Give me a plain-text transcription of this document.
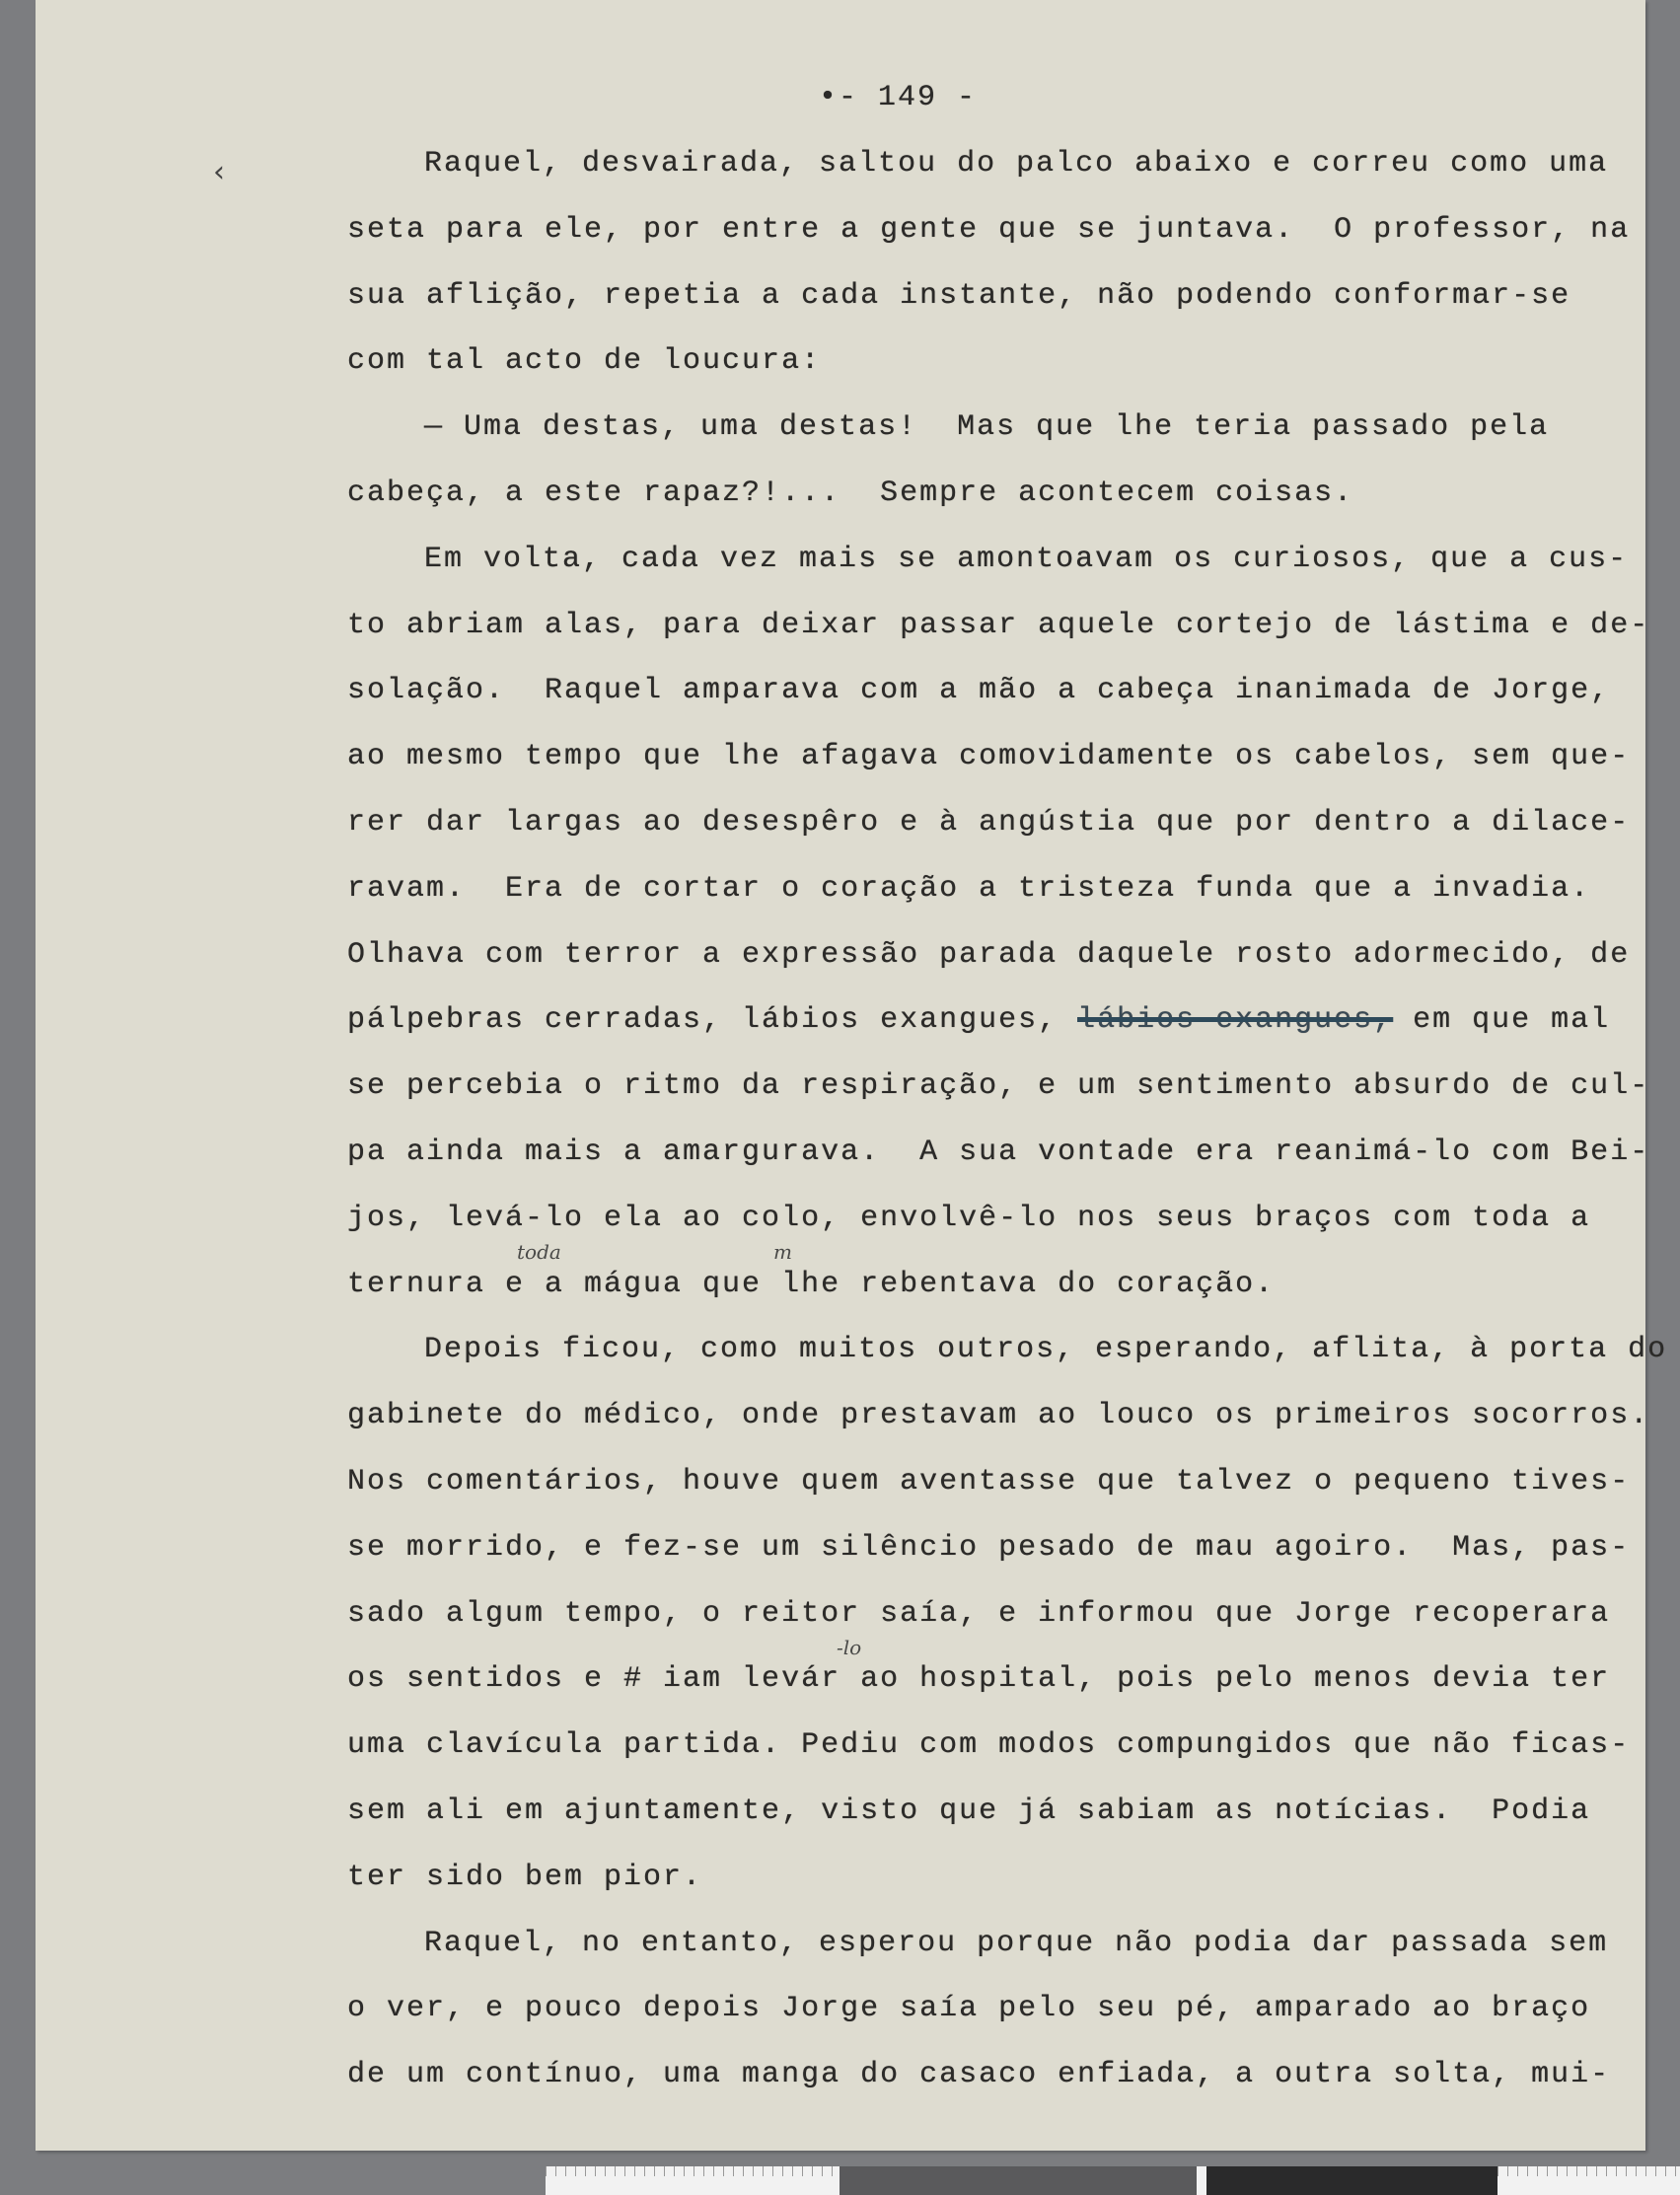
‹
•- 149 -
Raquel, desvairada, saltou do palco abaixo e correu como uma
seta para ele, por entre a gente que se juntava.  O professor, na
sua aflição, repetia a cada instante, não podendo conformar-se
com tal acto de loucura:
— Uma destas, uma destas!  Mas que lhe teria passado pela
cabeça, a este rapaz?!...  Sempre acontecem coisas.
Em volta, cada vez mais se amontoavam os curiosos, que a cus-
to abriam alas, para deixar passar aquele cortejo de lástima e de-
solação.  Raquel amparava com a mão a cabeça inanimada de Jorge,
ao mesmo tempo que lhe afagava comovidamente os cabelos, sem que-
rer dar largas ao desespêro e à angústia que por dentro a dilace-
ravam.  Era de cortar o coração a tristeza funda que a invadia.
Olhava com terror a expressão parada daquele rosto adormecido, de
pálpebras cerradas, lábios exangues, lábios exangues, em que mal
se percebia o ritmo da respiração, e um sentimento absurdo de cul-
pa ainda mais a amargurava.  A sua vontade era reanimá-lo com Bei-
jos, levá-lo ela ao colo, envolvê-lo nos seus braços com toda a
ternura e a mágua que lhe rebentava do coração.
Depois ficou, como muitos outros, esperando, aflita, à porta do
gabinete do médico, onde prestavam ao louco os primeiros socorros.
Nos comentários, houve quem aventasse que talvez o pequeno tives-
se morrido, e fez-se um silêncio pesado de mau agoiro.  Mas, pas-
sado algum tempo, o reitor saía, e informou que Jorge recoperara
os sentidos e # iam levár ao hospital, pois pelo menos devia ter
uma clavícula partida. Pediu com modos compungidos que não ficas-
sem ali em ajuntamente, visto que já sabiam as notícias.  Podia
ter sido bem pior.
Raquel, no entanto, esperou porque não podia dar passada sem
o ver, e pouco depois Jorge saía pelo seu pé, amparado ao braço
de um contínuo, uma manga do casaco enfiada, a outra solta, mui-
toda	m
-lo
